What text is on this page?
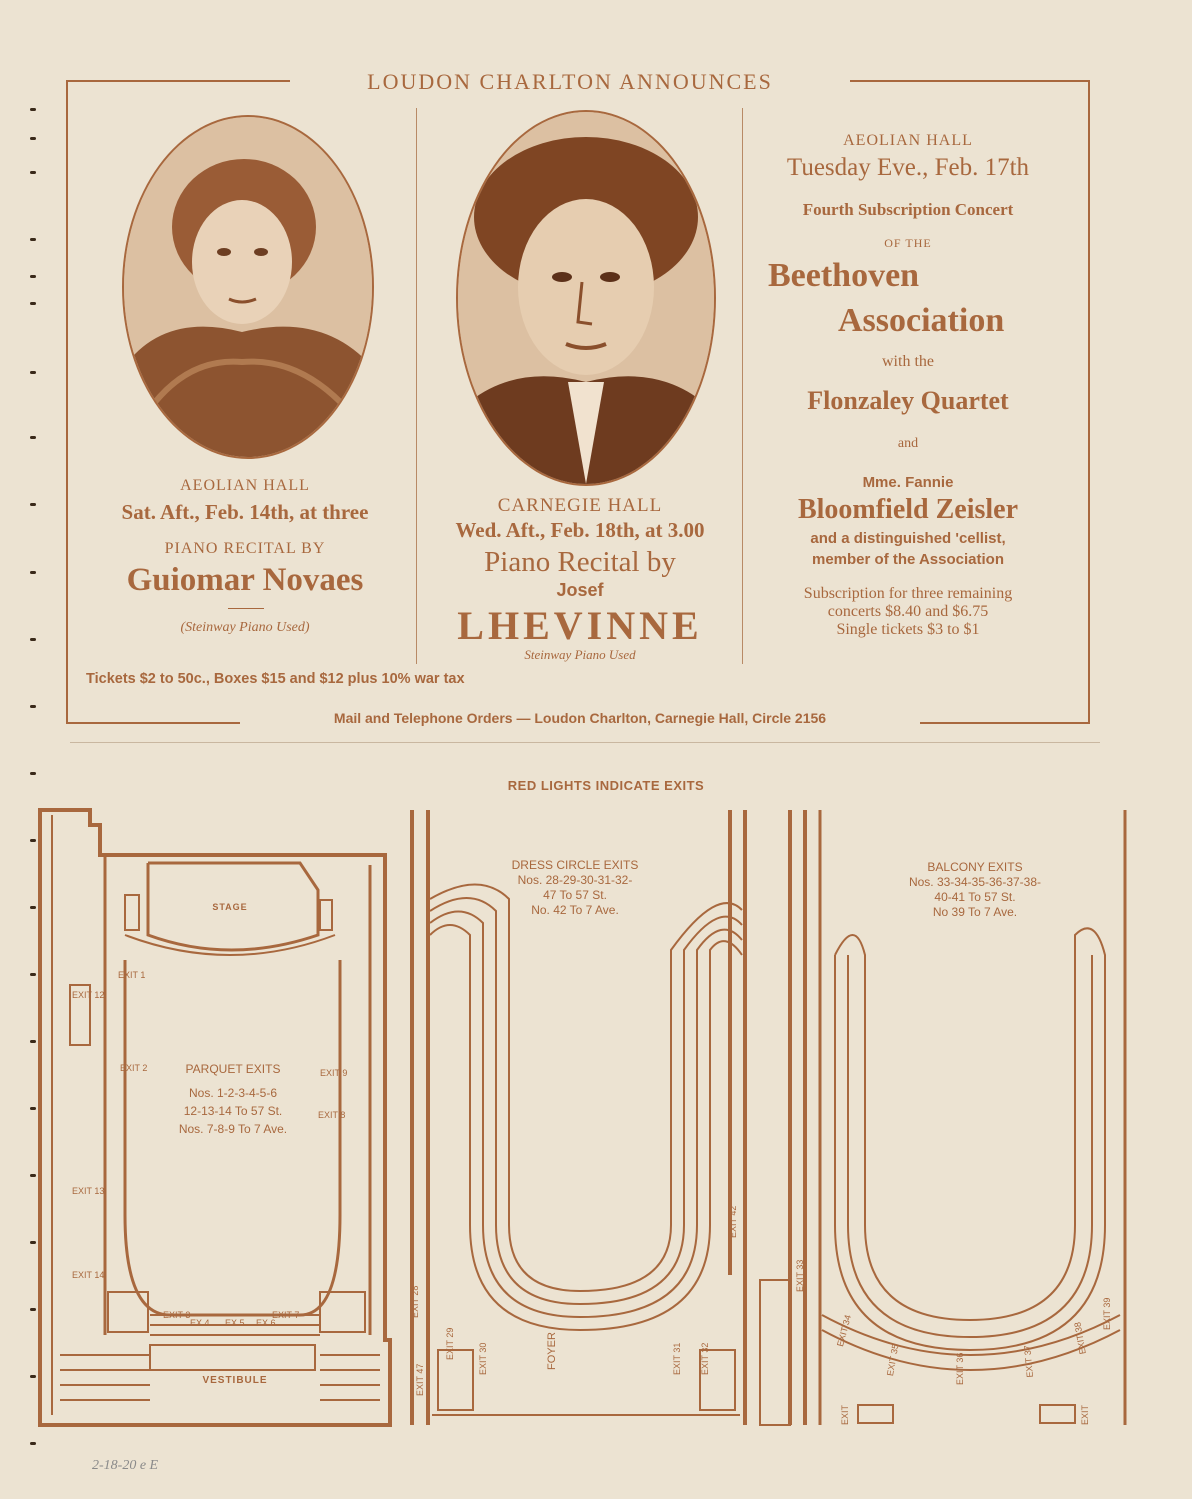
LOUDON CHARLTON ANNOUNCES
AEOLIAN HALL
Sat. Aft., Feb. 14th, at three
PIANO RECITAL BY
Guiomar Novaes
(Steinway Piano Used)
CARNEGIE HALL
Wed. Aft., Feb. 18th, at 3.00
Piano Recital by
Josef
LHEVINNE
Steinway Piano Used
AEOLIAN HALL
Tuesday Eve., Feb. 17th
Fourth Subscription Concert
OF THE
Beethoven
Association
with the
Flonzaley Quartet
and
Mme. Fannie
Bloomfield Zeisler
and a distinguished 'cellist,
member of the Association
Subscription for three remaining
concerts $8.40 and $6.75
Single tickets $3 to $1
Tickets $2 to 50c., Boxes $15 and $12 plus 10% war tax
Mail and Telephone Orders — Loudon Charlton, Carnegie Hall, Circle 2156
RED LIGHTS INDICATE EXITS
STAGE
VESTIBULE
PARQUET EXITS
Nos. 1-2-3-4-5-6
12-13-14 To 57 St.
Nos. 7-8-9 To 7 Ave.
EXIT 1
EXIT 12
EXIT 2	EXIT 9
EXIT 8
EXIT 13
EXIT 14
EXIT 3
EX 4 EX 5 EX 6
EXIT 7
DRESS CIRCLE EXITS
Nos. 28-29-30-31-32-
47 To 57 St.
No. 42 To 7 Ave.
FOYER
EXIT 42
EXIT 28
EXIT 47
EXIT 29	EXIT 30	EXIT 31 EXIT 32
BALCONY EXITS
Nos. 33-34-35-36-37-38-
40-41 To 57 St.
No 39 To 7 Ave.
EXIT 33
EXIT 34
EXIT 35	EXIT 36	EXIT 37
EXIT 38
EXIT 39
EXIT	EXIT
2-18-20 e E
